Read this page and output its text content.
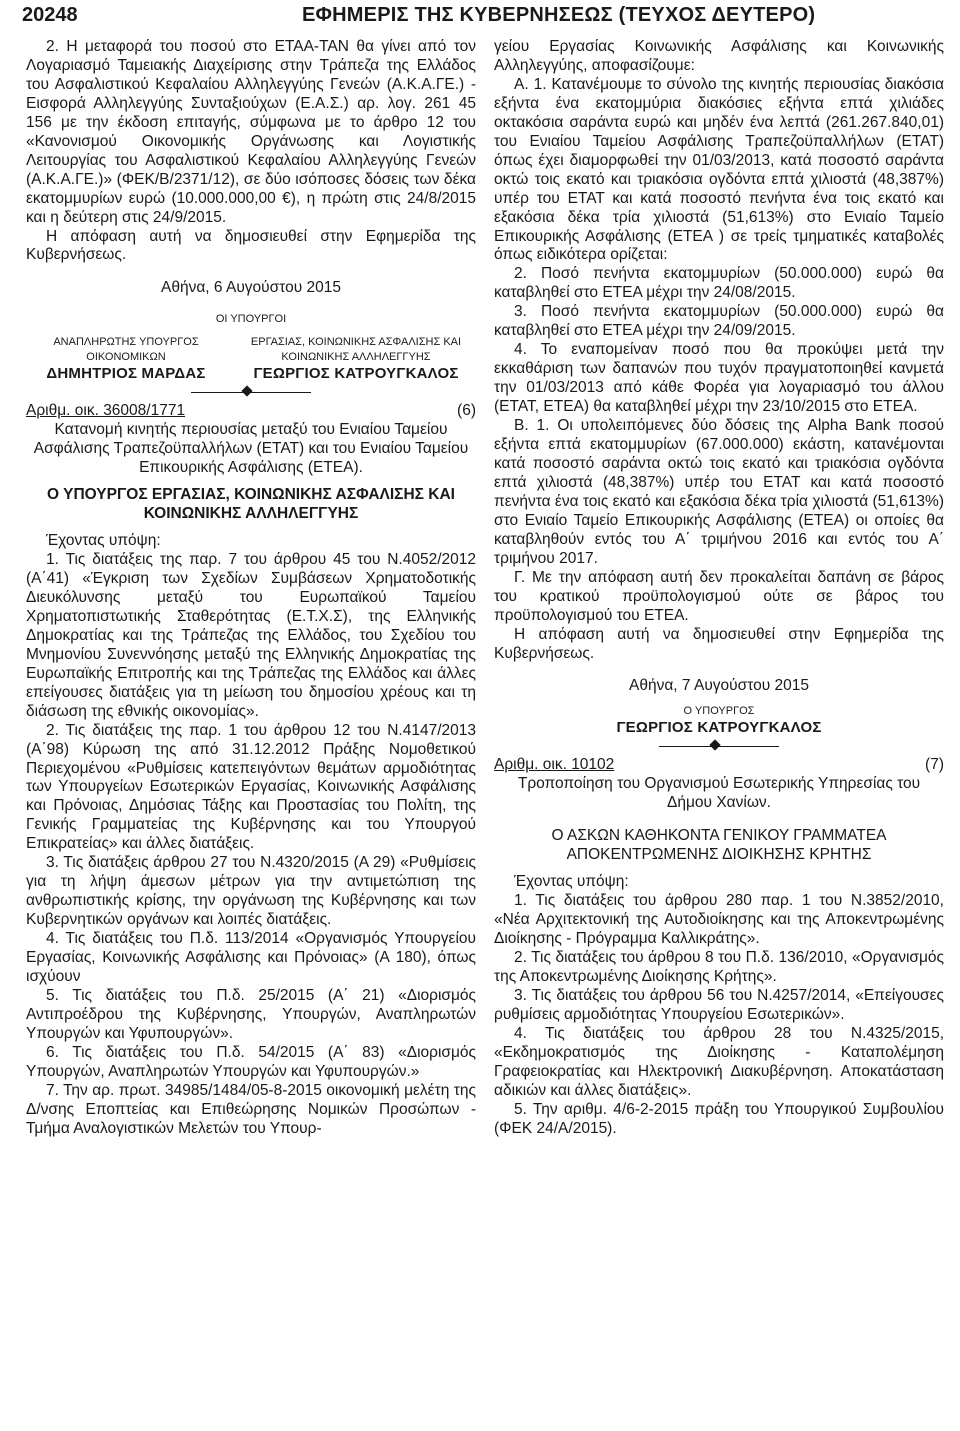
20248	ΕΦΗΜΕΡΙΣ ΤΗΣ ΚΥΒΕΡΝΗΣΕΩΣ (ΤΕΥΧΟΣ ΔΕΥΤΕΡΟ)

2. Η μεταφορά του ποσού στο ΕΤΑΑ-ΤΑΝ θα γίνει από τον Λογαριασμό Ταμειακής Διαχείρισης στην Τράπεζα της Ελλάδος του Ασφαλιστικού Κεφαλαίου Αλληλεγγύης Γενεών (Α.Κ.Α.ΓΕ.) - Εισφορά Αλληλεγγύης Συνταξιούχων (Ε.Α.Σ.) αρ. λογ. 261 45 156 με την έκδοση επιταγής, σύμφωνα με το άρθρο 12 του «Κανονισμού Οικονομικής Οργάνωσης και Λογιστικής Λειτουργίας του Ασφαλιστικού Κεφαλαίου Αλληλεγγύης Γενεών (Α.Κ.Α.ΓΕ.)» (ΦΕΚ/Β/2371/12), σε δύο ισόποσες δόσεις των δέκα εκατομμυρίων ευρώ (10.000.000,00 €), η πρώτη στις 24/8/2015 και η δεύτερη στις 24/9/2015.

Η απόφαση αυτή να δημοσιευθεί στην Εφημερίδα της Κυβερνήσεως.

Αθήνα, 6 Αυγούστου 2015

ΟΙ ΥΠΟΥΡΓΟΙ

ΑΝΑΠΛΗΡΩΤΗΣ ΥΠΟΥΡΓΟΣ ΟΙΚΟΝΟΜΙΚΩΝ
ΔΗΜΗΤΡΙΟΣ ΜΑΡΔΑΣ
ΕΡΓΑΣΙΑΣ, ΚΟΙΝΩΝΙΚΗΣ ΑΣΦΑΛΙΣΗΣ ΚΑΙ ΚΟΙΝΩΝΙΚΗΣ ΑΛΛΗΛΕΓΓΥΗΣ
ΓΕΩΡΓΙΟΣ ΚΑΤΡΟΥΓΚΑΛΟΣ
Αριθμ. οικ. 36008/1771	(6)

Κατανομή κινητής περιουσίας μεταξύ του Ενιαίου Ταμείου Ασφάλισης Τραπεζοϋπαλλήλων (ΕΤΑΤ) και του Ενιαίου Ταμείου Επικουρικής Ασφάλισης (ΕΤΕΑ).

Ο ΥΠΟΥΡΓΟΣ ΕΡΓΑΣΙΑΣ, ΚΟΙΝΩΝΙΚΗΣ ΑΣΦΑΛΙΣΗΣ ΚΑΙ ΚΟΙΝΩΝΙΚΗΣ ΑΛΛΗΛΕΓΓΥΗΣ

Έχοντας υπόψη:

1. Τις διατάξεις της παρ. 7 του άρθρου 45 του Ν.4052/2012 (Α΄41) «Έγκριση των Σχεδίων Συμβάσεων Χρηματοδοτικής Διευκόλυνσης μεταξύ του Ευρωπαϊκού Ταμείου Χρηματοπιστωτικής Σταθερότητας (Ε.Τ.Χ.Σ), της Ελληνικής Δημοκρατίας και της Τράπεζας της Ελλάδος, του Σχεδίου του Μνημονίου Συνεννόησης μεταξύ της Ελληνικής Δημοκρατίας της Ευρωπαϊκής Επιτροπής και της Τράπεζας της Ελλάδος και άλλες επείγουσες διατάξεις για τη μείωση του δημοσίου χρέους και τη διάσωση της εθνικής οικονομίας».

2. Τις διατάξεις της παρ. 1 του άρθρου 12 του Ν.4147/2013 (Α΄98) Κύρωση της από 31.12.2012 Πράξης Νομοθετικού Περιεχομένου «Ρυθμίσεις κατεπειγόντων θεμάτων αρμοδιότητας των Υπουργείων Εσωτερικών Εργασίας, Κοινωνικής Ασφάλισης και Πρόνοιας, Δημόσιας Τάξης και Προστασίας του Πολίτη, της Γενικής Γραμματείας της Κυβέρνησης και του Υπουργού Επικρατείας» και άλλες διατάξεις.

3. Τις διατάξεις άρθρου 27 του Ν.4320/2015 (Α 29) «Ρυθμίσεις για τη λήψη άμεσων μέτρων για την αντιμετώπιση της ανθρωπιστικής κρίσης, την οργάνωση της Κυβέρνησης και των Κυβερνητικών οργάνων και λοιπές διατάξεις.

4. Τις διατάξεις του Π.δ. 113/2014 «Οργανισμός Υπουργείου Εργασίας, Κοινωνικής Ασφάλισης και Πρόνοιας» (Α 180), όπως ισχύουν

5. Τις διατάξεις του Π.δ. 25/2015 (Α΄ 21) «Διορισμός Αντιπροέδρου της Κυβέρνησης, Υπουργών, Αναπληρωτών Υπουργών και Υφυπουργών».

6. Τις διατάξεις του Π.δ. 54/2015 (Α΄ 83) «Διορισμός Υπουργών, Αναπληρωτών Υπουργών και Υφυπουργών.»

7. Την αρ. πρωτ. 34985/1484/05-8-2015 οικονομική μελέτη της Δ/νσης Εποπτείας και Επιθεώρησης Νομικών Προσώπων - Τμήμα Αναλογιστικών Μελετών του Υπουρ-

γείου Εργασίας Κοινωνικής Ασφάλισης και Κοινωνικής Αλληλεγγύης, αποφασίζουμε:

Α. 1. Κατανέμουμε το σύνολο της κινητής περιουσίας διακόσια εξήντα ένα εκατομμύρια διακόσιες εξήντα επτά χιλιάδες οκτακόσια σαράντα ευρώ και μηδέν ένα λεπτά (261.267.840,01) του Ενιαίου Ταμείου Ασφάλισης Τραπεζοϋπαλλήλων (ΕΤΑΤ) όπως έχει διαμορφωθεί την 01/03/2013, κατά ποσοστό σαράντα οκτώ τοις εκατό και τριακόσια ογδόντα επτά χιλιοστά (48,387%) υπέρ του ΕΤΑΤ και κατά ποσοστό πενήντα ένα τοις εκατό και εξακόσια δέκα τρία χιλιοστά (51,613%) στο Ενιαίο Ταμείο Επικουρικής Ασφάλισης (ΕΤΕΑ ) σε τρείς τμηματικές καταβολές όπως ειδικότερα ορίζεται:

2. Ποσό πενήντα εκατομμυρίων (50.000.000) ευρώ θα καταβληθεί στο ΕΤΕΑ μέχρι την 24/08/2015.

3. Ποσό πενήντα εκατομμυρίων (50.000.000) ευρώ θα καταβληθεί στο ΕΤΕΑ μέχρι την 24/09/2015.

4. Το εναπομείναν ποσό που θα προκύψει μετά την εκκαθάριση των δαπανών που τυχόν πραγματοποιηθεί κανμετά την 01/03/2013 από κάθε Φορέα για λογαριασμό του άλλου (ΕΤΑΤ, ΕΤΕΑ) θα καταβληθεί μέχρι την 23/10/2015 στο ΕΤΕΑ.

Β. 1. Οι υπολειπόμενες δύο δόσεις της Alpha Bank ποσού εξήντα επτά εκατομμυρίων (67.000.000) εκάστη, κατανέμονται κατά ποσοστό σαράντα οκτώ τοις εκατό και τριακόσια ογδόντα επτά χιλιοστά (48,387%) υπέρ του ΕΤΑΤ και κατά ποσοστό πενήντα ένα τοις εκατό και εξακόσια δέκα τρία χιλιοστά (51,613%) στο Ενιαίο Ταμείο Επικουρικής Ασφάλισης (ΕΤΕΑ) οι οποίες θα καταβληθούν εντός του Α΄ τριμήνου 2016 και εντός του Α΄ τριμήνου 2017.

Γ. Με την απόφαση αυτή δεν προκαλείται δαπάνη σε βάρος του κρατικού προϋπολογισμού ούτε σε βάρος του προϋπολογισμού του ΕΤΕΑ.

Η απόφαση αυτή να δημοσιευθεί στην Εφημερίδα της Κυβερνήσεως.

Αθήνα, 7 Αυγούστου 2015

Ο ΥΠΟΥΡΓΟΣ

ΓΕΩΡΓΙΟΣ ΚΑΤΡΟΥΓΚΑΛΟΣ

Αριθμ. οικ. 10102	(7)

Τροποποίηση του Οργανισμού Εσωτερικής Υπηρεσίας του Δήμου Χανίων.

Ο ΑΣΚΩΝ ΚΑΘΗΚΟΝΤΑ ΓΕΝΙΚΟΥ ΓΡΑΜΜΑΤΕΑ ΑΠΟΚΕΝΤΡΩΜΕΝΗΣ ΔΙΟΙΚΗΣΗΣ ΚΡΗΤΗΣ

Έχοντας υπόψη:

1. Τις διατάξεις του άρθρου 280 παρ. 1 του Ν.3852/2010, «Νέα Αρχιτεκτονική της Αυτοδιοίκησης και της Αποκεντρωμένης Διοίκησης - Πρόγραμμα Καλλικράτης».

2. Τις διατάξεις του άρθρου 8 του Π.δ. 136/2010, «Οργανισμός της Αποκεντρωμένης Διοίκησης Κρήτης».

3. Τις διατάξεις του άρθρου 56 του Ν.4257/2014, «Επείγουσες ρυθμίσεις αρμοδιότητας Υπουργείου Εσωτερικών».

4. Τις διατάξεις του άρθρου 28 του Ν.4325/2015, «Εκδημοκρατισμός της Διοίκησης - Καταπολέμηση Γραφειοκρατίας και Ηλεκτρονική Διακυβέρνηση. Αποκατάσταση αδικιών και άλλες διατάξεις».

5. Την αριθμ. 4/6-2-2015 πράξη του Υπουργικού Συμβουλίου (ΦΕΚ 24/Α/2015).
